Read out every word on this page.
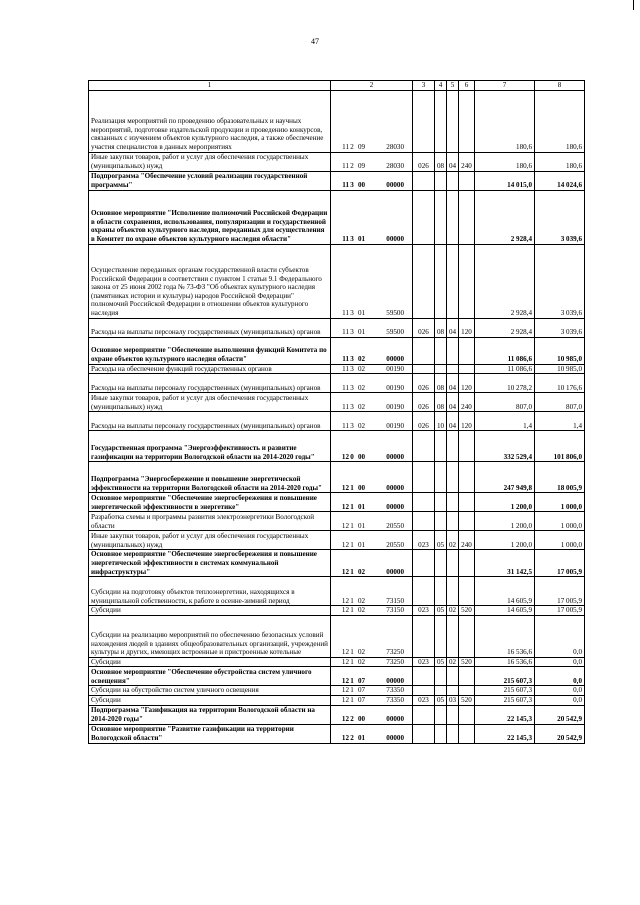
47
1	2	3	4	5	6	7	8
Реализация мероприятий по проведению образовательных и научных мероприятий, подготовке издательской продукции и проведению конкурсов, связанных с изучением объектов культурного наследия, а также обеспечение участия специалистов в данных мероприятиях	112 09 28030					180,6	180,6
Иные закупки товаров, работ и услуг для обеспечения государственных (муниципальных) нужд	112 09 28030	026	08	04	240	180,6	180,6
Подпрограмма "Обеспечение условий реализации государственной программы"	113 00 00000					14 015,0	14 024,6
Основное мероприятие "Исполнение полномочий Российской Федерации в области сохранения, использования, популяризации и государственной охраны объектов культурного наследия, переданных для осуществления в Комитет по охране объектов культурного наследия области"	113 01 00000					2 928,4	3 039,6
Осуществление переданных органам государственной власти субъектов Российской Федерации в соответствии с пунктом 1 статьи 9.1 Федерального закона от 25 июня 2002 года № 73-ФЗ "Об объектах культурного наследия (памятниках истории и культуры) народов Российской Федерации" полномочий Российской Федерации в отношении объектов культурного наследия	113 01 59500					2 928,4	3 039,6
Расходы на выплаты персоналу государственных (муниципальных) органов	113 01 59500	026	08	04	120	2 928,4	3 039,6
Основное мероприятие "Обеспечение выполнения функций Комитета по охране объектов культурного наследия области"	113 02 00000					11 086,6	10 985,0
Расходы на обеспечение функций государственных органов	113 02 00190					11 086,6	10 985,0
Расходы на выплаты персоналу государственных (муниципальных) органов	113 02 00190	026	08	04	120	10 278,2	10 176,6
Иные закупки товаров, работ и услуг для обеспечения государственных (муниципальных) нужд	113 02 00190	026	08	04	240	807,0	807,0
Расходы на выплаты персоналу государственных (муниципальных) органов	113 02 00190	026	10	04	120	1,4	1,4
Государственная программа "Энергоэффективность и развитие газификации на территории Вологодской области на 2014-2020 годы"	120 00 00000					332 529,4	101 806,0
Подпрограмма "Энергосбережение и повышение энергетической эффективности на территории Вологодской области на 2014-2020 годы"	121 00 00000					247 949,8	18 005,9
Основное мероприятие "Обеспечение энергосбережения и повышение энергетической эффективности в энергетике"	121 01 00000					1 200,0	1 000,0
Разработка схемы и программы развития электроэнергетики Вологодской области	121 01 20550					1 200,0	1 000,0
Иные закупки товаров, работ и услуг для обеспечения государственных (муниципальных) нужд	121 01 20550	023	05	02	240	1 200,0	1 000,0
Основное мероприятие "Обеспечение энергосбережения и повышение энергетической эффективности в системах коммунальной инфраструктуры"	121 02 00000					31 142,5	17 005,9
Субсидии на подготовку объектов теплоэнергетики, находящихся в муниципальной собственности, к работе в осенне-зимний период	121 02 73150					14 605,9	17 005,9
Субсидии	121 02 73150	023	05	02	520	14 605,9	17 005,9
Субсидии на реализацию мероприятий по обеспечению безопасных условий нахождения людей в зданиях общеобразовательных организаций, учреждений культуры и других, имеющих встроенные и пристроенные котельные	121 02 73250					16 536,6	0,0
Субсидии	121 02 73250	023	05	02	520	16 536,6	0,0
Основное мероприятие "Обеспечение обустройства систем уличного освещения"	121 07 00000					215 607,3	0,0
Субсидии на обустройство систем уличного освещения	121 07 73350					215 607,3	0,0
Субсидии	121 07 73350	023	05	03	520	215 607,3	0,0
Подпрограмма "Газификация на территории Вологодской области на 2014-2020 годы"	122 00 00000					22 145,3	20 542,9
Основное мероприятие "Развитие газификации на территории Вологодской области"	122 01 00000					22 145,3	20 542,9
